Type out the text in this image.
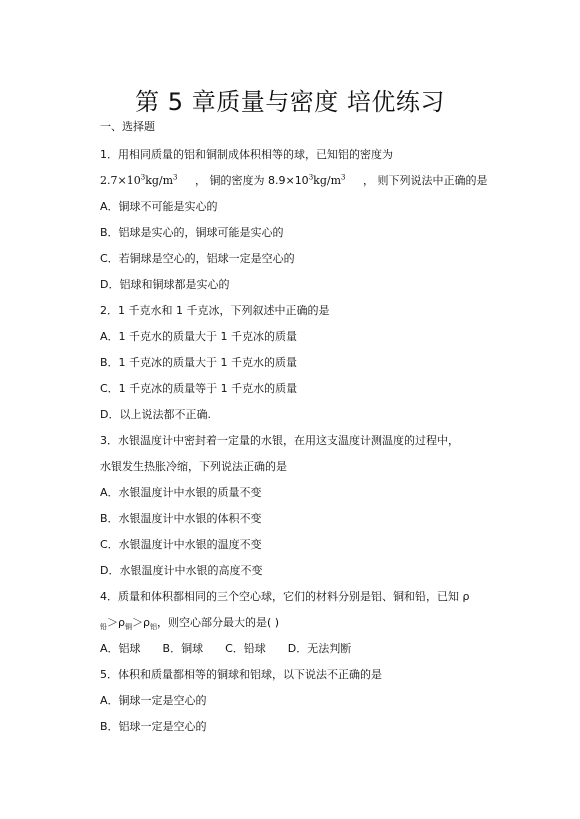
第 5 章质量与密度 培优练习
一、选择题
1．用相同质量的铝和铜制成体积相等的球，已知铝的密度为
$2.7\times 10^3kg/m^3$ ， 铜的密度为 $8.9\times 10^3kg/m^3$ ， 则下列说法中正确的是
A．铜球不可能是实心的
B．铝球是实心的，铜球可能是实心的
C．若铜球是空心的，铝球一定是空心的
D．铝球和铜球都是实心的
2．1 千克水和 1 千克冰，下列叙述中正确的是
A．1 千克水的质量大于 1 千克冰的质量
B．1 千克冰的质量大于 1 千克水的质量
C．1 千克冰的质量等于 1 千克水的质量
D．以上说法都不正确.
3．水银温度计中密封着一定量的水银，在用这支温度计测温度的过程中，
水银发生热胀冷缩，下列说法正确的是
A．水银温度计中水银的质量不变
B．水银温度计中水银的体积不变
C．水银温度计中水银的温度不变
D．水银温度计中水银的高度不变
4．质量和体积都相同的三个空心球，它们的材料分别是铝、铜和铅，已知 ρ
$_铅>\rho_铜>\rho_铝$，则空心部分最大的是( )
A．铝球 B．铜球 C．铅球 D．无法判断
5．体积和质量都相等的铜球和铝球，以下说法不正确的是
A．铜球一定是空心的
B．铝球一定是空心的
